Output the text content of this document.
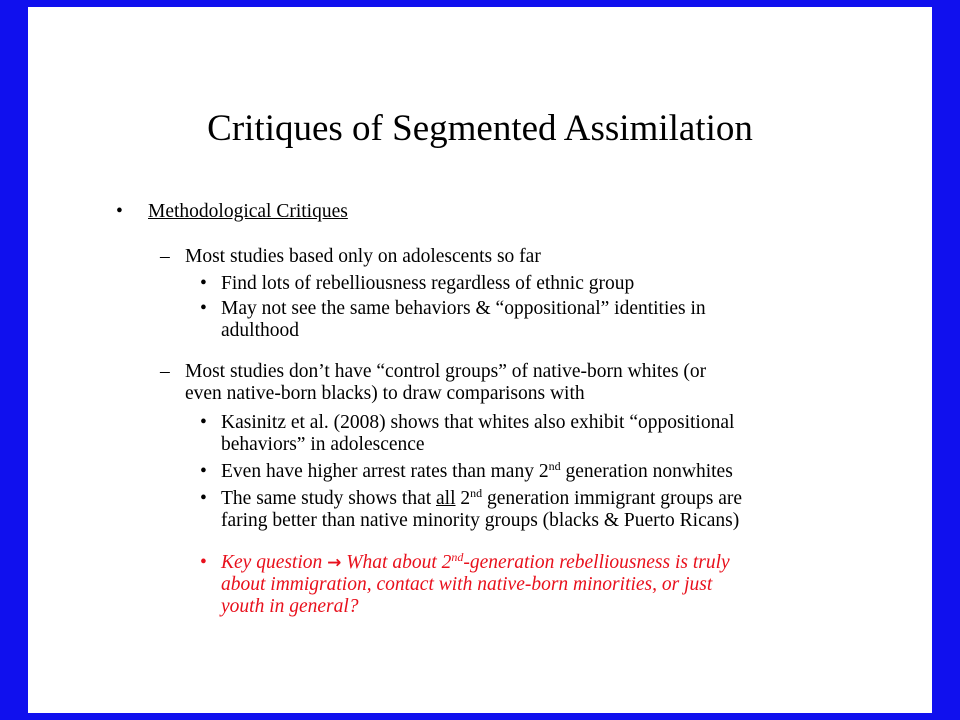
Critiques of Segmented Assimilation
• Methodological Critiques
– Most studies based only on adolescents so far
• Find lots of rebelliousness regardless of ethnic group
• May not see the same behaviors & “oppositional” identities in
adulthood
– Most studies don’t have “control groups” of native-born whites (or
even native-born blacks) to draw comparisons with
• Kasinitz et al. (2008) shows that whites also exhibit “oppositional
behaviors” in adolescence
• Even have higher arrest rates than many 2nd generation nonwhites
• The same study shows that all 2nd generation immigrant groups are
faring better than native minority groups (blacks & Puerto Ricans)
• Key question → What about 2nd-generation rebelliousness is truly
about immigration, contact with native-born minorities, or just
youth in general?
